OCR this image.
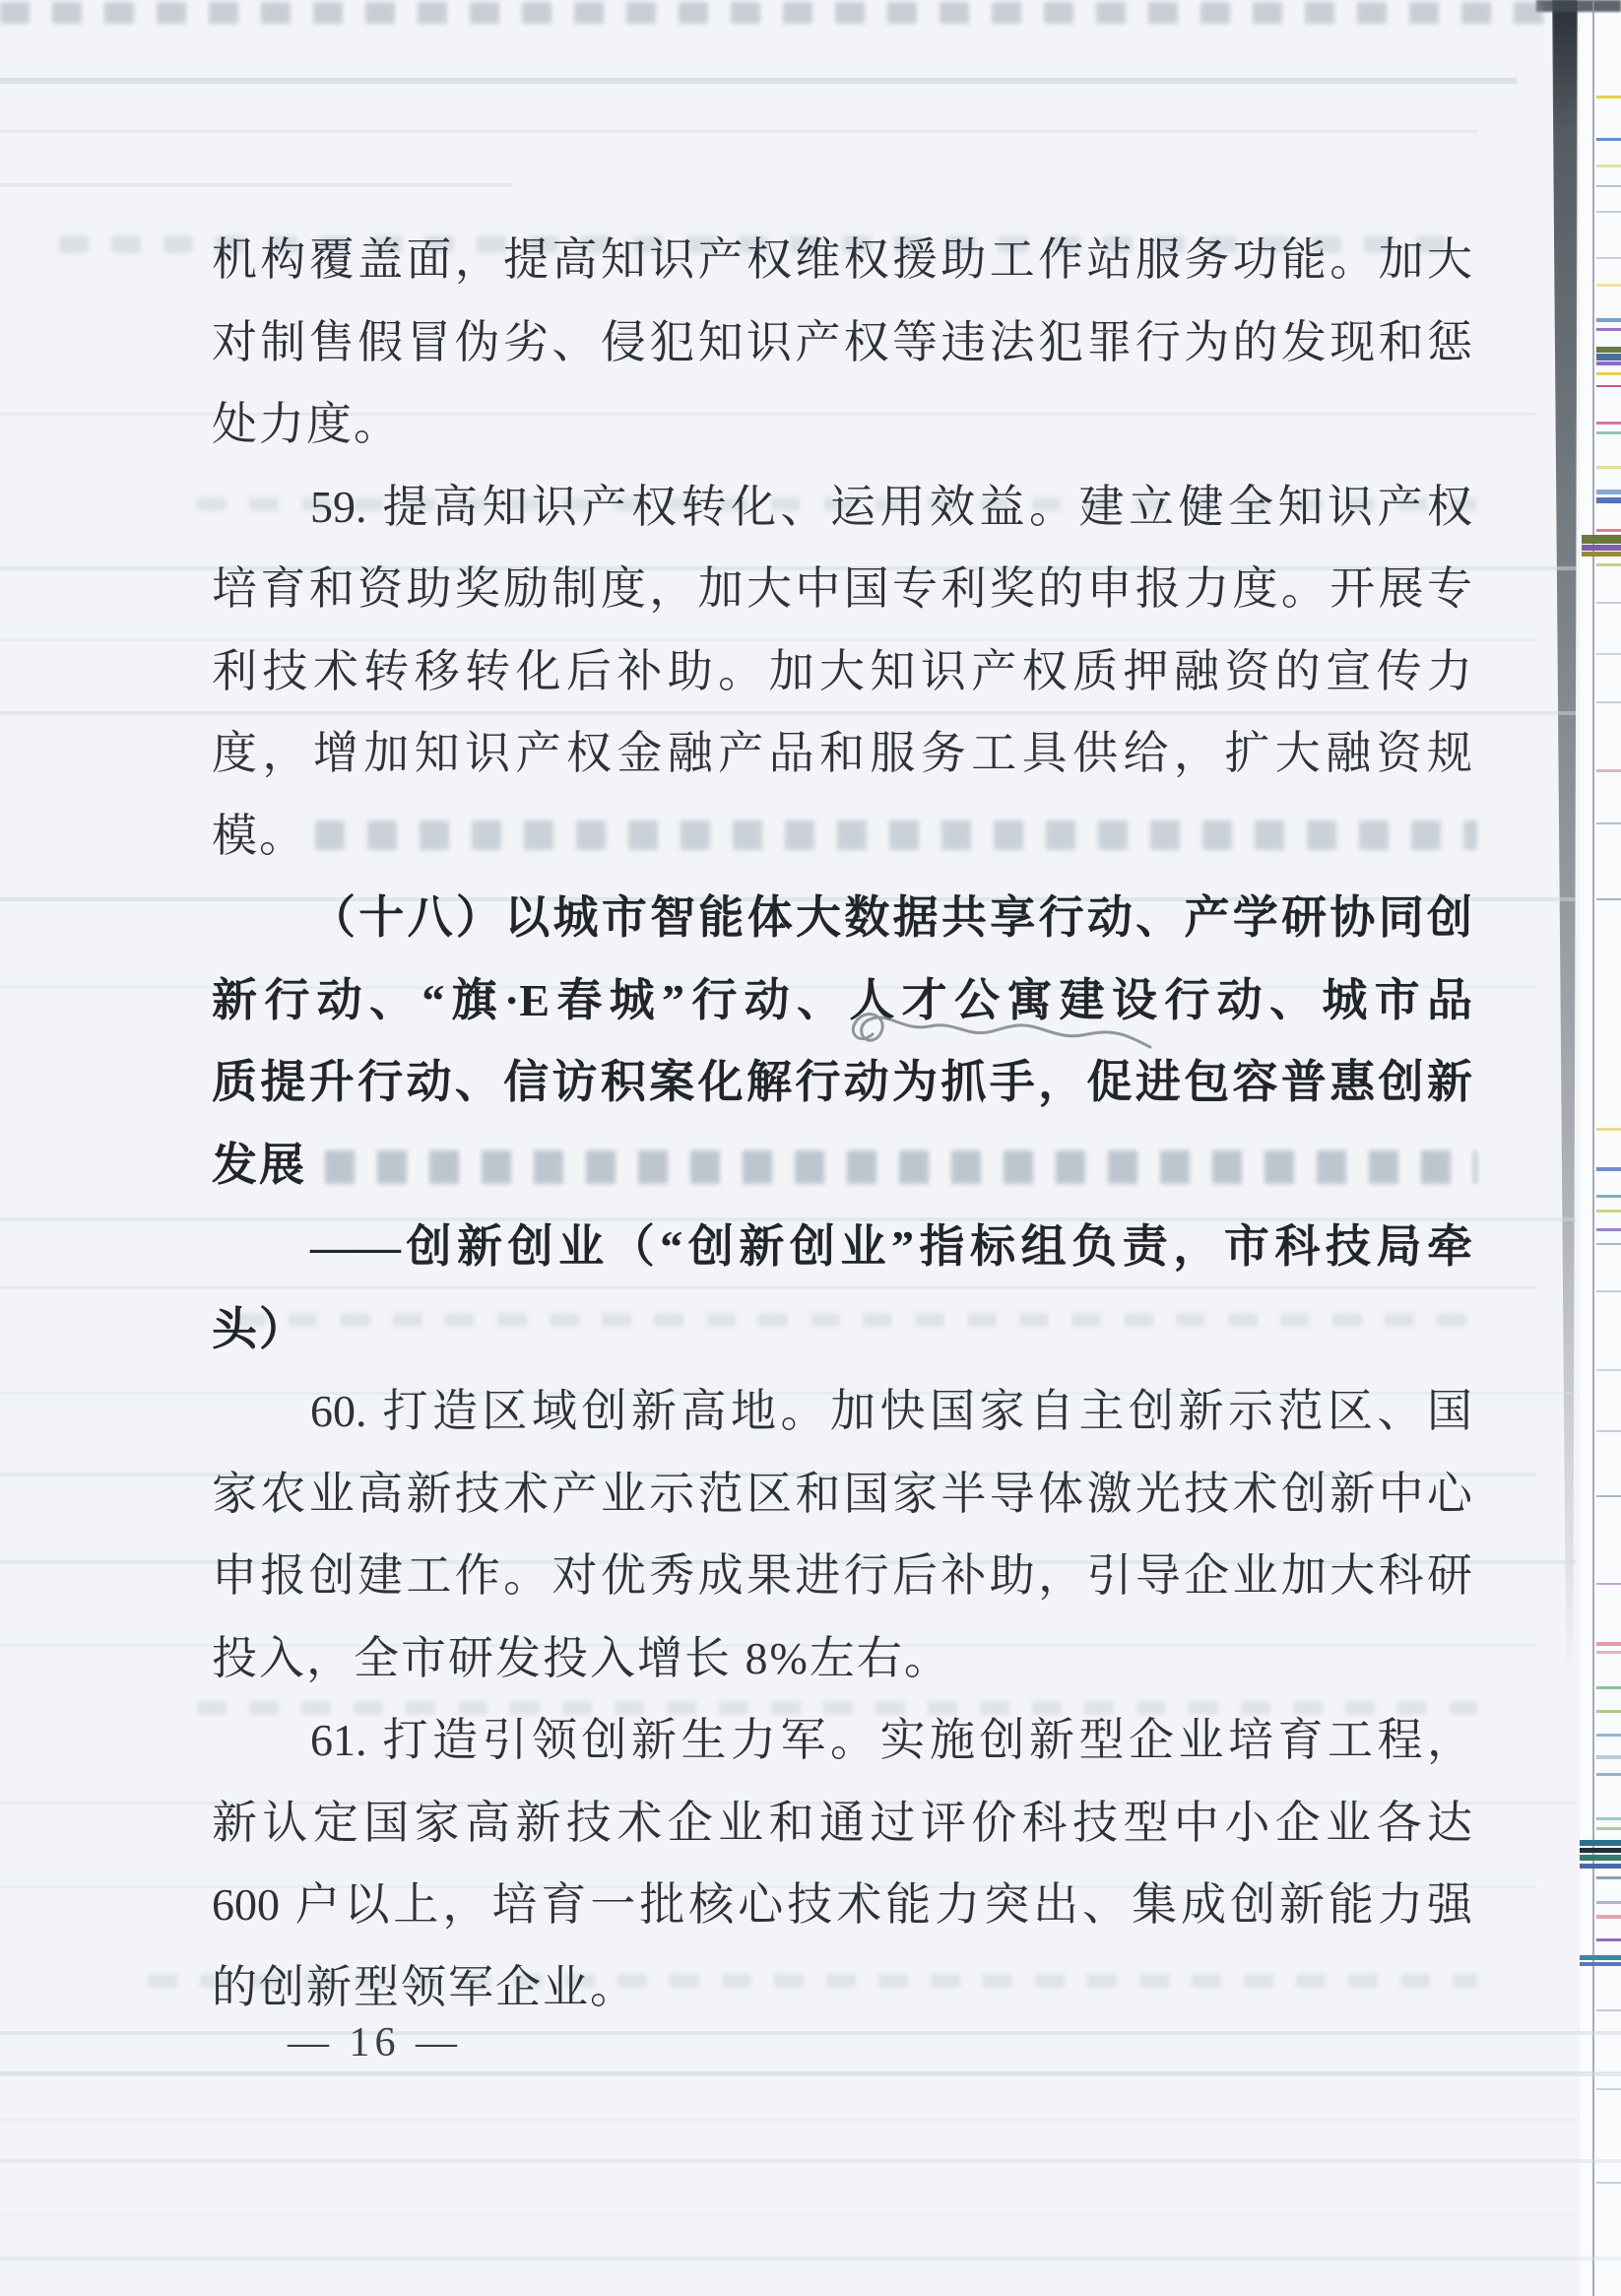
机构覆盖面，提高知识产权维权援助工作站服务功能。加大
对制售假冒伪劣、侵犯知识产权等违法犯罪行为的发现和惩
处力度。
59. 提高知识产权转化、运用效益。建立健全知识产权
培育和资助奖励制度，加大中国专利奖的申报力度。开展专
利技术转移转化后补助。加大知识产权质押融资的宣传力
度，增加知识产权金融产品和服务工具供给，扩大融资规
模。
（十八）以城市智能体大数据共享行动、产学研协同创
新行动、“旗·E春城”行动、人才公寓建设行动、城市品
质提升行动、信访积案化解行动为抓手，促进包容普惠创新
发展
——创新创业（“创新创业”指标组负责，市科技局牵
头）
60. 打造区域创新高地。加快国家自主创新示范区、国
家农业高新技术产业示范区和国家半导体激光技术创新中心
申报创建工作。对优秀成果进行后补助，引导企业加大科研
投入，全市研发投入增长 8%左右。
61. 打造引领创新生力军。实施创新型企业培育工程，
新认定国家高新技术企业和通过评价科技型中小企业各达
600 户以上，培育一批核心技术能力突出、集成创新能力强
的创新型领军企业。
— 16 —
